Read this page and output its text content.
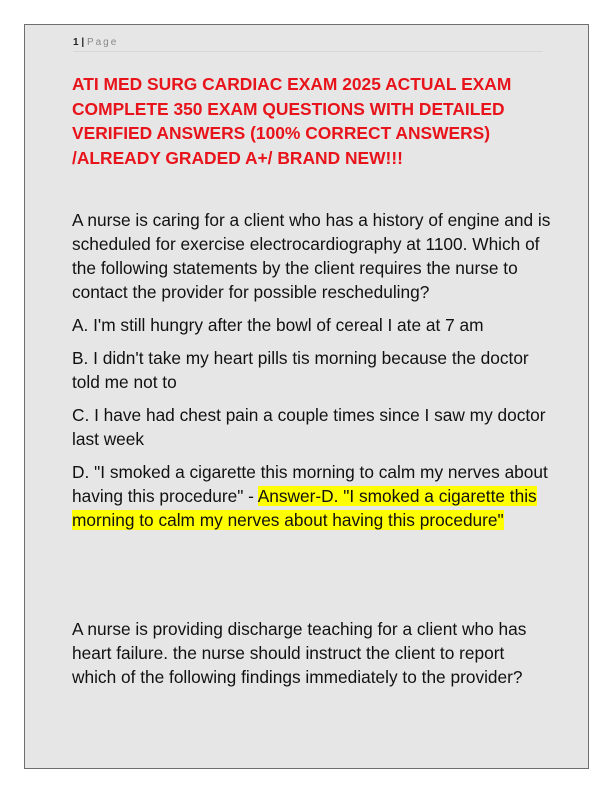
1 | Page
ATI MED SURG CARDIAC EXAM 2025 ACTUAL EXAM COMPLETE 350 EXAM QUESTIONS WITH DETAILED VERIFIED ANSWERS (100% CORRECT ANSWERS) /ALREADY GRADED A+/ BRAND NEW!!!

A nurse is caring for a client who has a history of engine and is scheduled for exercise electrocardiography at 1100. Which of the following statements by the client requires the nurse to contact the provider for possible rescheduling?

A. I'm still hungry after the bowl of cereal I ate at 7 am

B. I didn't take my heart pills tis morning because the doctor told me not to

C. I have had chest pain a couple times since I saw my doctor last week

D. "I smoked a cigarette this morning to calm my nerves about having this procedure" - Answer-D. "I smoked a cigarette this morning to calm my nerves about having this procedure"

A nurse is providing discharge teaching for a client who has heart failure. the nurse should instruct the client to report which of the following findings immediately to the provider?
